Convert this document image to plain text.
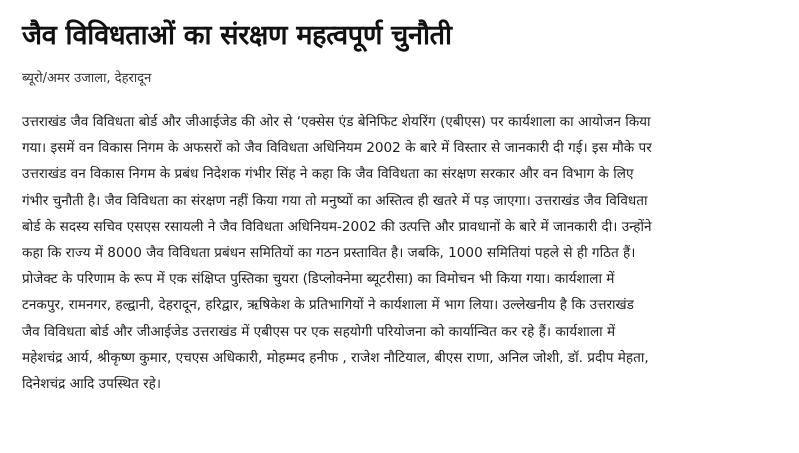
जैव विविधताओं का संरक्षण महत्वपूर्ण चुनौती

ब्यूरो/अमर उजाला, देहरादून

उत्तराखंड जैव विविधता बोर्ड और जीआईजेड की ओर से ‘एक्सेस एंड बेनिफिट शेयरिंग (एबीएस) पर कार्यशाला का आयोजन किया
गया। इसमें वन विकास निगम के अफसरों को जैव विविधता अधिनियम 2002 के बारे में विस्तार से जानकारी दी गई। इस मौके पर
उत्तराखंड वन विकास निगम के प्रबंध निदेशक गंभीर सिंह ने कहा कि जैव विविधता का संरक्षण सरकार और वन विभाग के लिए
गंभीर चुनौती है। जैव विविधता का संरक्षण नहीं किया गया तो मनुष्यों का अस्तित्व ही खतरे में पड़ जाएगा। उत्तराखंड जैव विविधता
बोर्ड के सदस्य सचिव एसएस रसायली ने जैव विविधता अधिनियम-2002 की उत्पत्ति और प्रावधानों के बारे में जानकारी दी। उन्होंने
कहा कि राज्य में 8000 जैव विविधता प्रबंधन समितियों का गठन प्रस्तावित है। जबकि, 1000 समितियां पहले से ही गठित हैं।
प्रोजेक्ट के परिणाम के रूप में एक संक्षिप्त पुस्तिका चुयरा (डिप्लोक्नेमा ब्यूटरीसा) का विमोचन भी किया गया। कार्यशाला में
टनकपुर, रामनगर, हल्द्वानी, देहरादून, हरिद्वार, ऋषिकेश के प्रतिभागियों ने कार्यशाला में भाग लिया। उल्लेखनीय है कि उत्तराखंड
जैव विविधता बोर्ड और जीआईजेड उत्तराखंड में एबीएस पर एक सहयोगी परियोजना को कार्यान्वित कर रहे हैं। कार्यशाला में
महेशचंद्र आर्य, श्रीकृष्ण कुमार, एचएस अधिकारी, मोहम्मद हनीफ , राजेश नौटियाल, बीएस राणा, अनिल जोशी, डॉ. प्रदीप मेहता,
दिनेशचंद्र आदि उपस्थित रहे।
